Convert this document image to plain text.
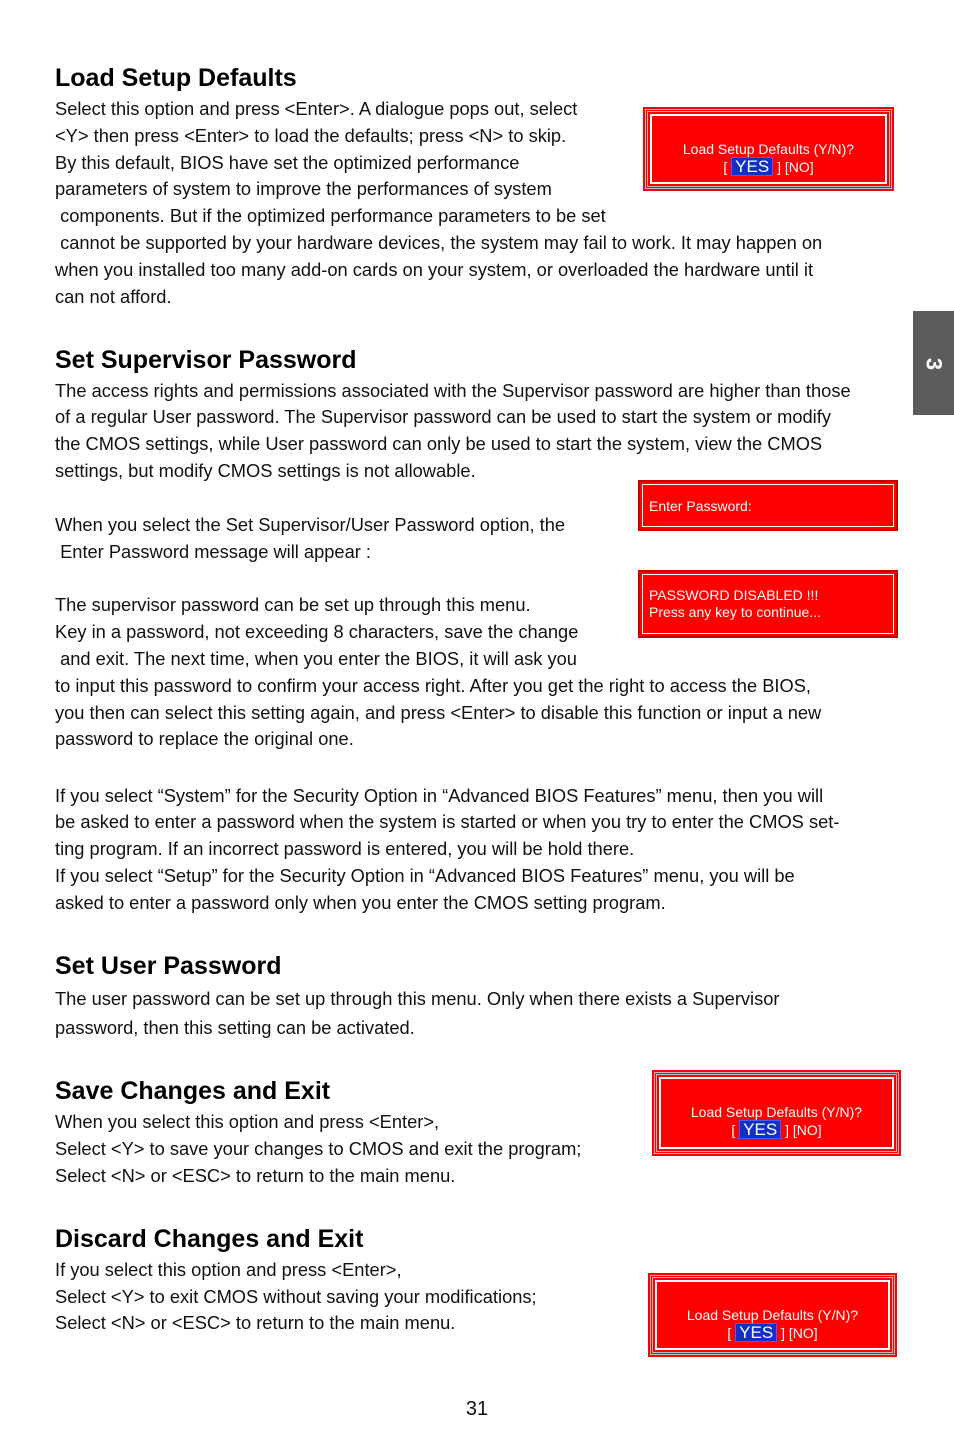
3
Load Setup Defaults
Select this option and press <Enter>. A dialogue pops out, select
<Y> then press <Enter> to load the defaults; press <N> to skip.
By this default, BIOS have set the optimized performance
parameters of system to improve the performances of system
components. But if the optimized performance parameters to be set
cannot be supported by your hardware devices, the system may fail to work. It may happen on
when you installed too many add-on cards on your system, or overloaded the hardware until it
can not afford.
Load Setup Defaults (Y/N)?
[ YES ] [NO]
Set Supervisor Password
The access rights and permissions associated with the Supervisor password are higher than those
of a regular User password. The Supervisor password can be used to start the system or modify
the CMOS settings, while User password can only be used to start the system, view the CMOS
settings, but modify CMOS settings is not allowable.
When you select the Set Supervisor/User Password option, the
Enter Password message will appear :
The supervisor password can be set up through this menu.
Key in a password, not exceeding 8 characters, save the change
and exit. The next time, when you enter the BIOS, it will ask you
to input this password to confirm your access right. After you get the right to access the BIOS,
you then can select this setting again, and press <Enter> to disable this function or input a new
password to replace the original one.
If you select “System” for the Security Option in “Advanced BIOS Features” menu, then you will
be asked to enter a password when the system is started or when you try to enter the CMOS set-
ting program. If an incorrect password is entered, you will be hold there.
If you select “Setup” for the Security Option in “Advanced BIOS Features” menu, you will be
asked to enter a password only when you enter the CMOS setting program.
Enter Password:
PASSWORD DISABLED !!!
Press any key to continue...
Set User Password
The user password can be set up through this menu. Only when there exists a Supervisor
password, then this setting can be activated.
Save Changes and Exit
When you select this option and press <Enter>,
Select <Y> to save your changes to CMOS and exit the program;
Select <N> or <ESC> to return to the main menu.
Load Setup Defaults (Y/N)?
[ YES ] [NO]
Discard Changes and Exit
If you select this option and press <Enter>,
Select <Y> to exit CMOS without saving your modifications;
Select <N> or <ESC> to return to the main menu.	Load Setup Defaults (Y/N)?
[ YES ] [NO]
31
